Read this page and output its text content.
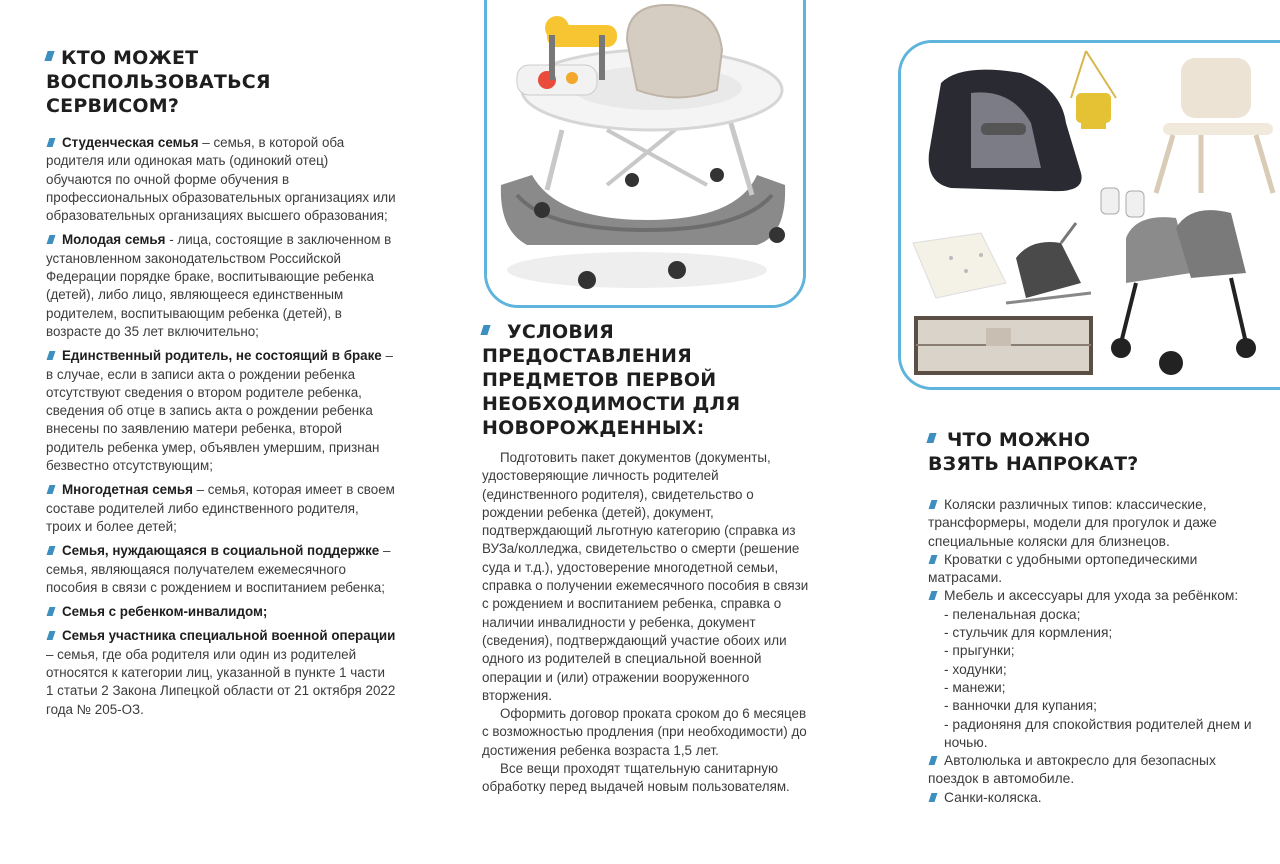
КТО МОЖЕТ
ВОСПОЛЬЗОВАТЬСЯ
СЕРВИСОМ?

Студенческая семья – семья, в которой оба родителя или одинокая мать (одинокий отец) обучаются по очной форме обучения в профессиональных образовательных организациях или образовательных организациях высшего образования;

Молодая семья - лица, состоящие в заключенном в установленном законодательством Российской Федерации порядке браке, воспитывающие ребенка (детей), либо лицо, являющееся единственным родителем, воспитывающим ребенка (детей), в возрасте до 35 лет включительно;

Единственный родитель, не состоящий в браке – в случае, если в записи акта о рождении ребенка отсутствуют сведения о втором родителе ребенка, сведения об отце в запись акта о рождении ребенка внесены по заявлению матери ребенка, второй родитель ребенка умер, объявлен умершим, признан безвестно отсутствующим;

Многодетная семья – семья, которая имеет в своем составе родителей либо единственного родителя, троих и более детей;

Семья, нуждающаяся в социальной поддержке – семья, являющаяся получателем ежемесячного пособия в связи с рождением и воспитанием ребенка;

Семья с ребенком-инвалидом;

Семья участника специальной военной операции – семья, где оба родителя или один из родителей относятся к категории лиц, указанной в пункте 1 части 1 статьи 2 Закона Липецкой области от 21 октября 2022 года № 205-ОЗ.

УСЛОВИЯ
ПРЕДОСТАВЛЕНИЯ
ПРЕДМЕТОВ ПЕРВОЙ
НЕОБХОДИМОСТИ ДЛЯ
НОВОРОЖДЕННЫХ:

Подготовить пакет документов (документы, удостоверяющие личность родителей (единственного родителя), свидетельство о рождении ребенка (детей), документ, подтверждающий льготную категорию (справка из ВУЗа/колледжа, свидетельство о смерти (решение суда и т.д.), удостоверение многодетной семьи, справка о получении ежемесячного пособия в связи с рождением и воспитанием ребенка, справка о наличии инвалидности у ребенка, документ (сведения), подтверждающий участие обоих или одного из родителей в специальной военной операции и (или) отражении вооруженного вторжения.

Оформить договор проката сроком до 6 месяцев с возможностью продления (при необходимости) до достижения ребенка возраста 1,5 лет.

Все вещи проходят тщательную санитарную обработку перед выдачей новым пользователям.

ЧТО МОЖНО
ВЗЯТЬ НАПРОКАТ?

Коляски различных типов: классические, трансформеры, модели для прогулок и даже специальные коляски для близнецов.

Кроватки с удобными ортопедическими матрасами.

Мебель и аксессуары для ухода за ребёнком:

- пеленальная доска;

- стульчик для кормления;

- прыгунки;

- ходунки;

- манежи;

- ванночки для купания;

- радионяня для спокойствия родителей днем и ночью.

Автолюлька и автокресло для безопасных поездок в автомобиле.

Санки-коляска.
